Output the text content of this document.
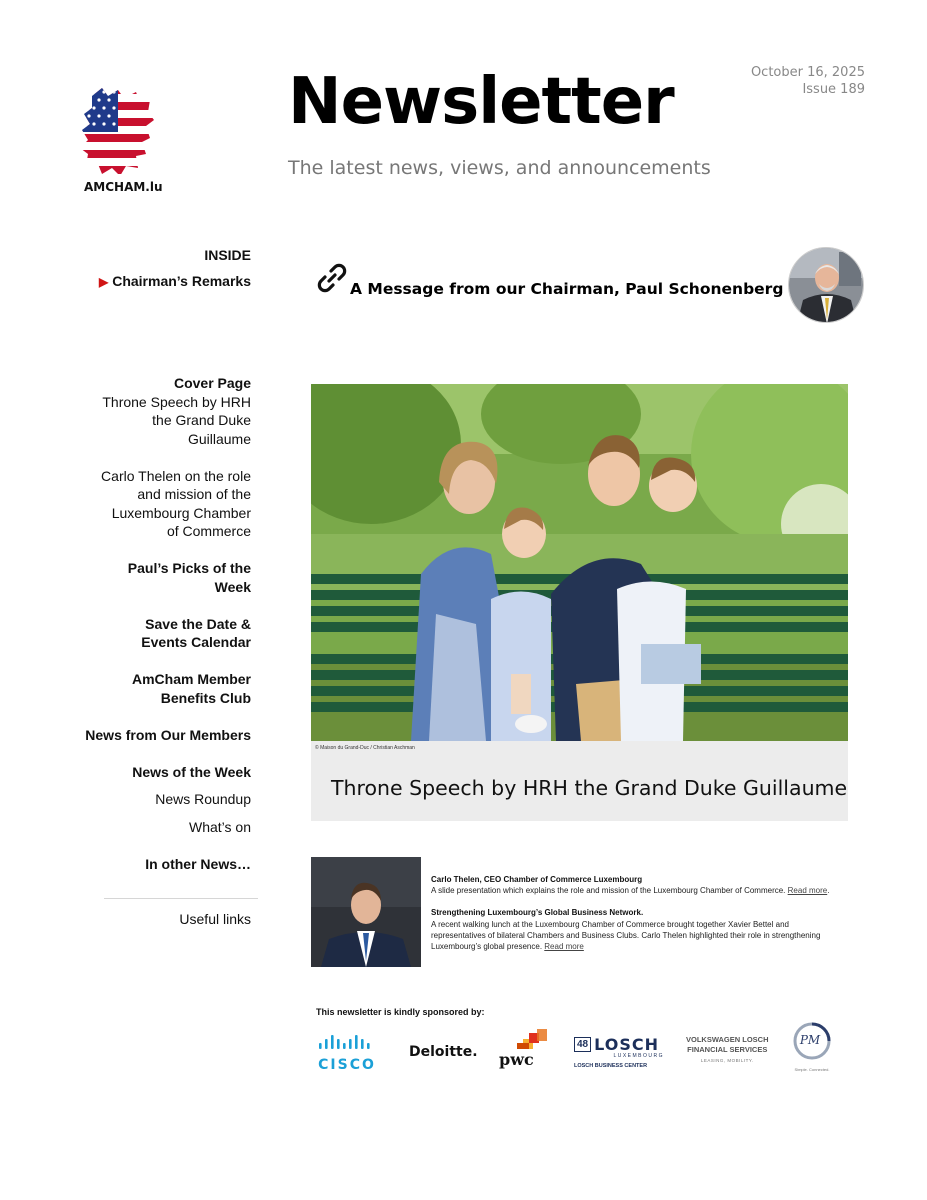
AMCHAM.lu
Newsletter
The latest news, views, and announcements
October 16, 2025
Issue 189
INSIDE
▶ Chairman’s Remarks
Cover Page
Throne Speech by HRH
the Grand Duke
Guillaume
Carlo Thelen on the role
and mission of the
Luxembourg Chamber
of Commerce
Paul’s Picks of the
Week
Save the Date &
Events Calendar
AmCham Member
Benefits Club
News from Our Members
News of the Week
News Roundup
What’s on
In other News…
Useful links
A Message from our Chairman, Paul Schonenberg
© Maison du Grand-Duc / Christian Aschman
Throne Speech by HRH the Grand Duke Guillaume
Carlo Thelen, CEO Chamber of Commerce Luxembourg
A slide presentation which explains the role and mission of the Luxembourg Chamber of Commerce. Read more.
Strengthening Luxembourg’s Global Business Network.
A recent walking lunch at the Luxembourg Chamber of Commerce brought together Xavier Bettel and representatives of bilateral Chambers and Business Clubs. Carlo Thelen highlighted their role in strengthening Luxembourg’s global presence. Read more
This newsletter is kindly sponsored by:
CISCO
Deloitte. pwc
48 LOSCH
LUXEMBOURG
LOSCH BUSINESS CENTER
VOLKSWAGEN LOSCH
FINANCIAL SERVICES
LEASING, MOBILITY.
PM
Simple. Connected.
